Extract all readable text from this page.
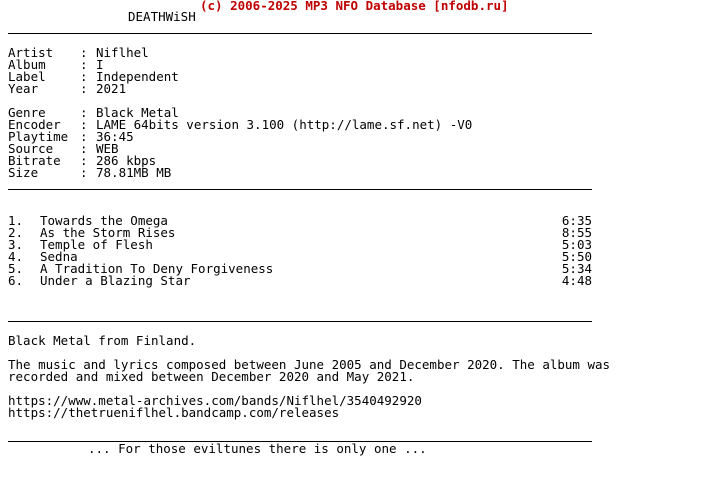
(c) 2006-2025 MP3 NFO Database [nfodb.ru]
DEATHWiSH
Artist : Niflhel
Album	: I
Label	: Independent
Year	: 2021
Genre	: Black Metal
Encoder : LAME 64bits version 3.100 (http://lame.sf.net) -V0
Playtime : 36:45
Source : WEB
Bitrate : 286 kbps
Size	: 78.81MB MB
1. Towards the Omega	6:35
2. As the Storm Rises	8:55
3. Temple of Flesh	5:03
4. Sedna	5:50
5. A Tradition To Deny Forgiveness	5:34
6. Under a Blazing Star	4:48
Black Metal from Finland.
The music and lyrics composed between June 2005 and December 2020. The album was
recorded and mixed between December 2020 and May 2021.
https://www.metal-archives.com/bands/Niflhel/3540492920
https://thetrueniflhel.bandcamp.com/releases
... For those eviltunes there is only one ...
